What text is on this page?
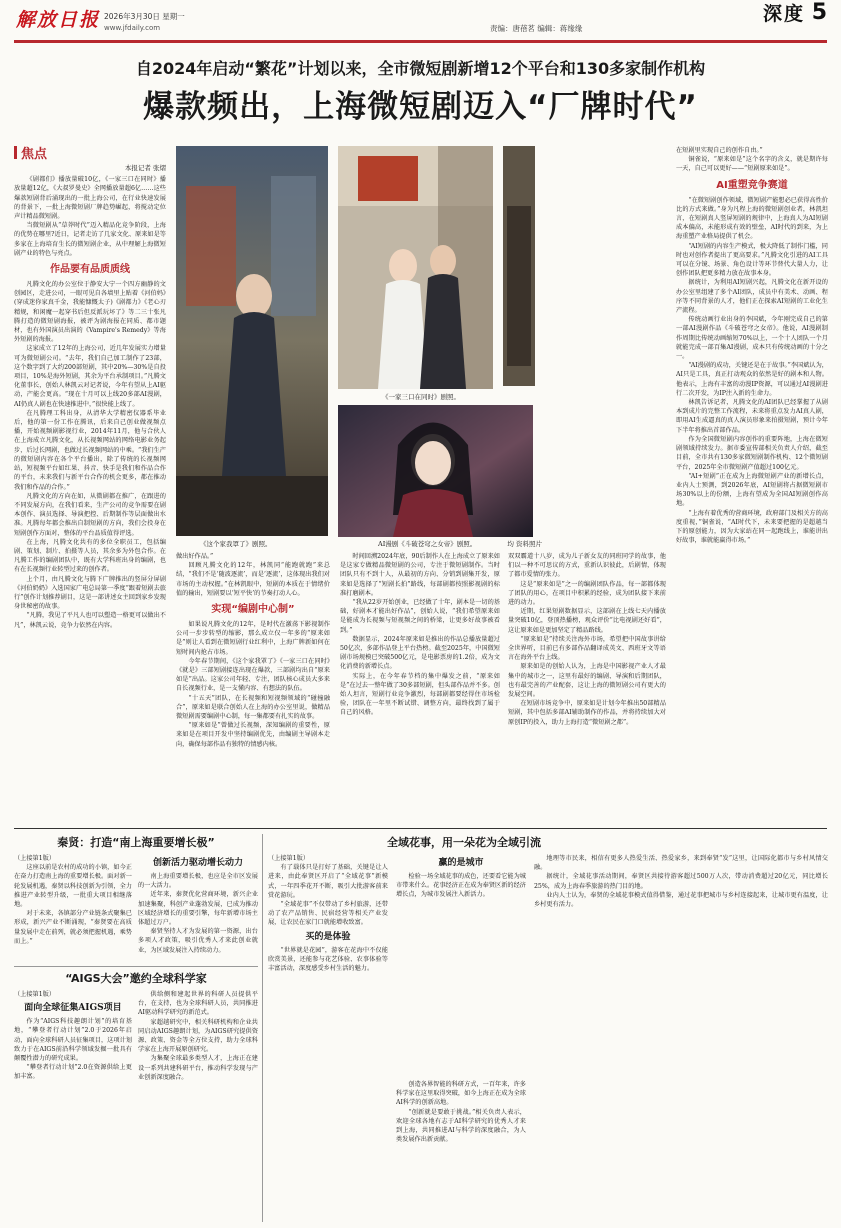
解放日报 2026年3月30日 星期一
www.jfdaily.com	责编：唐蓓茗 编辑：蒋缘缘
深度 5
自2024年启动“繁花”计划以来，全市微短剧新增12个平台和130多家制作机构
爆款频出，上海微短剧迈入“厂牌时代”
焦点
本报记者 张熠

《剧都们》播放量破10亿，《一家三口在同时》播放量超12亿，《大叔罗曼史》全网播放量超6亿……这些爆款短剧背后涌现出的一批上海公司，在行业快速发展的背景下，一批上海微短剧厂牌趋势崛起，将搅动定位声计精品微短剧。

当微短剧从“草莽时代”迈入精品化竞争阶段，上海的优势在哪里?近日，记者走访了几家文化、原来如是等多家在上海培育生长的微短剧企业，从中理解上海微短剧产业的特色与亮点。

作品要有品质质线

凡腾文化的办公室位于静安大宁一个四方幽静的文创园区，走进公司，一眼可见自各墙里上贴着《河伯妈》(穿成迷你家真千金，我能慷慨太子)《剧都力》《老心刃精规，和闲魔一起穿书后但反派玩坏了》等二三十张凡腾打造的微短剧海报，被评为剧海报在同质、都市题材，也有外国演员出演的《Vampire's Remedy》等海外短剧的海报。

这家成立了12年的上海公司，近几年发展实力增量可为微短剧公司。“去年，我们自己加工制作了23部，这个数字到了大约200部短剧，其中20%—30%是自投项目，10%是海外短剧，其余为平台承制项目。”凡腾文化董事长，创始人林凯云对记者说，今年有望从上AI驱动，产能会更高。“现在十月可以上线20多部AI漫剧，AI仍真人剧也在快速推进中，”很快能上线了。

在凡腾理工科出身，从清华大学精密仪器系毕业后，他的第一份工作在腾讯，后来自己创业做视频点播，开始视频剧影视行业，2014年11月，他与合伙人在上海成立凡腾文化，从长视频网站的网络电影业务起步，后过长网剧，也做过长视频网站的中乘。“我们生产的微短剧内容在各个平台播出，除了传统的长视频网站，短视频平台如红果、抖音、快手是我们和作品合作的平台，未来我们与新平台合作的机会更多，都在推动我们和作品的合作。”

凡腾文化的方向在如，从微剧都在推广，在跟进的不同发展方向，在我们看来，生产公司的竞争需要在剧本创作、演员选择、导演把控、后期制作等层面做出水准。凡腾每年都会推出自制短剧的方向，我们会投身在短剧创作方面对，整体的平台品质值得评选。

在上海，凡腾文化共有的多位全职员工，包括编剧、策划、制片、拍摄等人员，其余多为外包合作。在凡腾工作的编剧团队中，既有大学科班出身的编剧，也有在长视频行业转型过来的创作者。

上个月，由凡腾文化与腾下广牌推出的竖屏分屏剧《河伯奶奶》入选国家广电总局第一季度“跟着短剧去旅行”创作计划推荐剧目，这是一部讲述女主回到家乡发现身世秘密的故事。

“凡腾，我见了平凡人也可以塑造一格更可以做出不凡”，林凯云说，竞争力依然在内容。

《这个家我罩了》剧照。
《一家三口在同时》剧照。
AI漫剧《斗破苍穹之女帝》剧照。	均 资料照片

做出好作品。”

回顾凡腾文化的12年，林凯同“能跑就跑”来总结，“我们不是‘随波逐流’，而是‘逐流’，这体现出我们对市场的主动权握。”在林凯眼中，短剧的本质在于情绪价值的输出，短剧要以‘短平快’的节奏打动人心。

实现“编剧中心制”

如果说凡腾文化的12年，是时代在激荡下影视制作公司一步步转型的缩影，那么成立仅一年多的“原来如是”则让人看到在微短剧行业红利中，上海广牌新如何在短时间内抢占市场。

今年春节期间，《这个家我罩了》《一家三口在同时》《就是》三部短剧接连出现在爆款，三部剧均出自“原来如是”出品。这家公司年轻、专注，团队核心成员大多来自长视频行业，是一支懂内容、有想法的队伍。

“十五天”团队，在长视频和短视频领域的“碰撞融合”，原来如是联合创始人在上海的办公室里说，做精品微短剧需要编剧中心制，每一集都要有扎实的故事。

“原来如是”曾做过长视频，深知编剧的重要性，原来如是在项目开发中坚持编剧优先，由编剧主导剧本走向，确保每部作品有独特的情感内核。

时间回溯2024年底，90后制作人在上海成立了原来如是这家专做精品微短剧的公司，专注于微短剧制作。当时团队只有不到十人，从最初的方向、分销到剧集开发，原来如是选择了“短剧长拍”路线，每部剧都按照影视剧的标准打磨剧本。

“我从22岁开始创业，已经做了十年，剧本是一切的基础，好剧本才能出好作品”，创始人说，“我们希望原来如是能成为长视频与短视频之间的桥梁，让更多好故事被看到。”

数据显示，2024年原来如是推出的作品总播放量超过50亿次，多部作品登上平台热榜。截至2025年，中国微短剧市场规模已突破500亿元，是电影票房的1.2倍，成为文化消费的新增长点。

实际上，在今年春节档的集中爆发之前，“原来如是”在过去一整年做了30多部短剧，但头部作品并不多。创始人坦言，短剧行业竞争激烈，每部剧都要经得住市场检验，团队在一年里不断试错、调整方向，最终找到了属于自己的风格。

双双霸道十八岁，成为儿子新女友的同班同学的故事，他们以一种不可思议的方式，重新认识彼此，后剧情，体现了都市爱情的张力。

这是“原来如是”之一的编剧团队作品，每一部都体现了团队的用心，在项目中积累的经验，成为团队接下来前进的动力。

近期，红果短剧数据显示，这部剧在上线七天内播放量突破10亿，登顶热播榜，观众评价“比电视剧还好看”，这让原来如是更加坚定了精品路线。

“原来如是”持续关注海外市场，希望把中国故事讲给全世界听，目前已有多部作品翻译成英文、西班牙文等语言在海外平台上线。

原来如是的创始人认为，上海是中国影视产业人才最集中的城市之一，这里有最好的编剧、导演和后期团队，也有最完善的产业配套，这让上海的微短剧公司有更大的发展空间。

在短剧市场竞争中，原来如是计划今年推出50部精品短剧，其中包括多部AI辅助制作的作品，并将持续加大对原创IP的投入，助力上海打造“微短剧之都”。

在短剧里实现自己的创作自由。”

铜雀说，“原来如是”这个名字的含义，就是期许每一天，自己可以更好——“短剧原来如是”。

AI重塑竞争赛道

“在微短剧创作领域，微短剧产能想必已获得高性价比的方式来做。”身为凡程上海的微短剧创业者，林凯坦言，在短剧真人竖屏短剧的规律中，上海真人为AI短剧成本偏高，未能形成有效的壁垒，AI时代的到来，为上海重塑产业格局提供了机会。

“AI短剧的内容生产模式，极大降低了制作门槛，同时也对创作者提出了更高要求。”凡腾文化引进的AI工具可以在分镜、场景、角色设计等环节替代大量人力，让创作团队把更多精力放在故事本身。

据统计，为利用AI短剧兴起，凡腾文化在新开设的办公室里组建了多个AI团队，成员中有美术、动画、程序等不同背景的人才，他们正在探索AI短剧的工业化生产流程。

传统动画行业出身的李国斌，今年刚完成自己的第一部AI漫剧作品《斗破苍穹之女帝》。他说，AI漫剧制作周期比传统动画缩短70%以上，一个十人团队一个月就能完成一部百集AI漫剧，成本只有传统动画的十分之一。

“AI漫剧的成功，关键还是在于故事。”李国斌认为，AI只是工具，真正打动观众的依然是好的剧本和人物。他表示，上海有丰富的动漫IP资源，可以通过AI漫剧进行二次开发，为IP注入新的生命力。

林凯告诉记者，凡腾文化的AI团队已经掌握了从剧本到成片的完整工作流程，未来将重点发力AI真人剧，即用AI生成逼真的真人演员形象来拍摄短剧，预计今年下半年将推出首部作品。

作为全国微短剧内容创作的重要阵地，上海在微短剧领域持续发力。据市委宣传部相关负责人介绍，截至目前，全市共有130多家微短剧制作机构、12个微短剧平台，2025年全市微短剧产值超过100亿元。

“AI+短剧”正在成为上海微短剧产业的新增长点，业内人士预测，到2026年底，AI短剧将占据微短剧市场30%以上的份额，上海有望成为全国AI短剧创作高地。

“上海有着优秀的营商环境，政府部门及相关方的高度重视，”铜雀说，“AI时代下，未来要把握的是超越当下的原创能力，因为大家站在同一起跑线上，谁能讲出好故事，谁就能赢得市场。”

秦贤：打造“南上海重要增长极”
（上接第1版）

这座以前是农村的成功的小镇，如今正在奋力打造南上海的重要增长极。面对新一轮发展机遇，秦贤以科技创新为引领，全力推进产业转型升级，一批重大项目相继落地。

对于未来，各镇部分产业链条式聚集已形成，新兴产业不断涌现，“秦贤要在高质量发展中走在前列，就必须把握机遇，乘势而上。”

创新活力驱动增长动力

南上海重要增长极，也应是全市区发展的一大活力。

近年来，秦贤优化营商环境，新兴企业加速集聚，科创产业蓬勃发展，已成为推动区域经济增长的重要引擎，每年新增市场主体超过万户。

秦贤坚持人才为发展的第一资源，出台多项人才政策，吸引优秀人才来此创业就业，为区域发展注入持续动力。

全域花事，用一朵花为全域引流
（上接第1版）

有了载体只是打好了基础，关键是让人进来，由此奉贤区开启了“全域花事”新模式，一年四季花开不断，吸引大批游客前来赏花游玩。

“全域花事”不仅带动了乡村旅游，还带动了农产品销售、民宿经营等相关产业发展，让农民在家门口就能增收致富。

买的是体验

“世界就是花园”，游客在花海中不仅能欣赏美景，还能参与花艺体验、农事体验等丰富活动，深度感受乡村生活的魅力。

赢的是城市

检验一场全域花事的成色，还要看它能为城市带来什么。花事经济正在成为奉贤区新的经济增长点，为城市发展注入新活力。

地理等市民来，相信有更多人热爱生活、热爱家乡，来到奉贤“发”这里，让国际化都市与乡村风情交融。

据统计，全域花事活动期间，奉贤区共接待游客超过500万人次，带动消费超过20亿元，同比增长25%，成为上海春季旅游的热门目的地。

业内人士认为，奉贤的全域花事模式值得借鉴，通过花事把城市与乡村连接起来，让城市更有温度，让乡村更有活力。

“AIGS大会”邀约全球科学家
（上接第1版）
面向全球征集AIGS项目

作为“AIGS科技趣朗计划”的培育基地，“攀登者行动计划”2.0于2026年启动，面向全球科研人员征集项目，这项计划致力于在AIGS前沿科学领域发掘一批具有颠覆性潜力的研究成果。

“攀登者行动计划”2.0在资源供给上更加丰富。

供给侧和建起世界的科研人员提供平台，在支持，也为全球科研人员，共同推进AI驱动科学研究的新范式。

家超越研究中，相关科研机构和企业共同启动AIGS趣朗计划，为AIGS研究提供资源、政策、资金等全方位支持，助力全球科学家在上海开展原创研究。

为集聚全球最多类型人才，上海正在建设一系列共建科研平台，推动科学发现与产业创新深度融合。

创造各界智能的科研方式，一百年来，许多科学家在这里取得突破，如今上海正在成为全球AI科学的创新高地。

“创新就是要敢于挑战。”相关负责人表示，欢迎全球各地有志于AI科学研究的优秀人才来到上海，共同推进AI与科学的深度融合，为人类发展作出新贡献。
